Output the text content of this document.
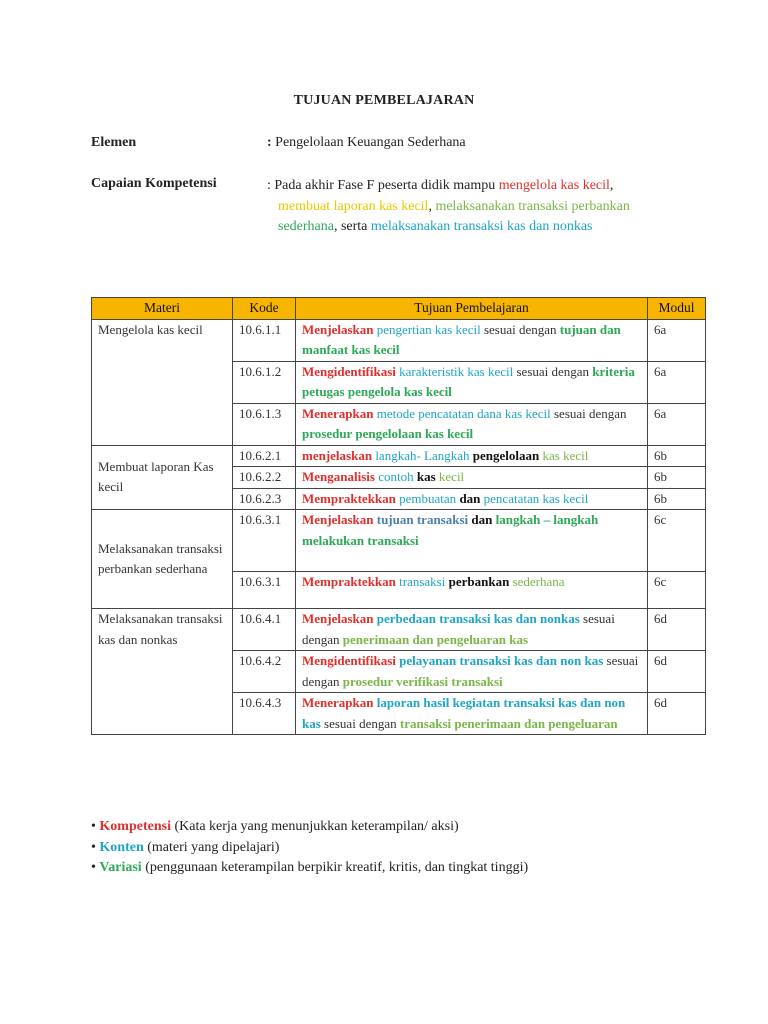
TUJUAN PEMBELAJARAN
Elemen	: Pengelolaan Keuangan Sederhana
Capaian Kompetensi	: Pada akhir Fase F peserta didik mampu mengelola kas kecil,
membuat laporan kas kecil, melaksanakan transaksi perbankan
sederhana, serta melaksanakan transaksi kas dan nonkas
Materi	Kode	Tujuan Pembelajaran	Modul
Mengelola kas kecil	10.6.1.1	Menjelaskan pengertian kas kecil sesuai dengan tujuan dan manfaat kas kecil	6a
	10.6.1.2	Mengidentifikasi karakteristik kas kecil sesuai dengan kriteria petugas pengelola kas kecil	6a
	10.6.1.3	Menerapkan metode pencatatan dana kas kecil sesuai dengan prosedur pengelolaan kas kecil	6a
Membuat laporan Kas kecil	10.6.2.1	menjelaskan langkah- Langkah pengelolaan kas kecil	6b
	10.6.2.2	Menganalisis contoh kas kecil	6b
	10.6.2.3	Mempraktekkan pembuatan dan pencatatan kas kecil	6b
Melaksanakan transaksi perbankan sederhana	10.6.3.1	Menjelaskan tujuan transaksi dan langkah – langkah melakukan transaksi	6c
	10.6.3.1	Mempraktekkan transaksi perbankan sederhana	6c
Melaksanakan transaksi kas dan nonkas	10.6.4.1	Menjelaskan perbedaan transaksi kas dan nonkas sesuai dengan penerimaan dan pengeluaran kas	6d
	10.6.4.2	Mengidentifikasi pelayanan transaksi kas dan non kas sesuai dengan prosedur verifikasi transaksi	6d
	10.6.4.3	Menerapkan laporan hasil kegiatan transaksi kas dan non kas sesuai dengan transaksi penerimaan dan pengeluaran	6d
• Kompetensi (Kata kerja yang menunjukkan keterampilan/ aksi)
• Konten (materi yang dipelajari)
• Variasi (penggunaan keterampilan berpikir kreatif, kritis, dan tingkat tinggi)
